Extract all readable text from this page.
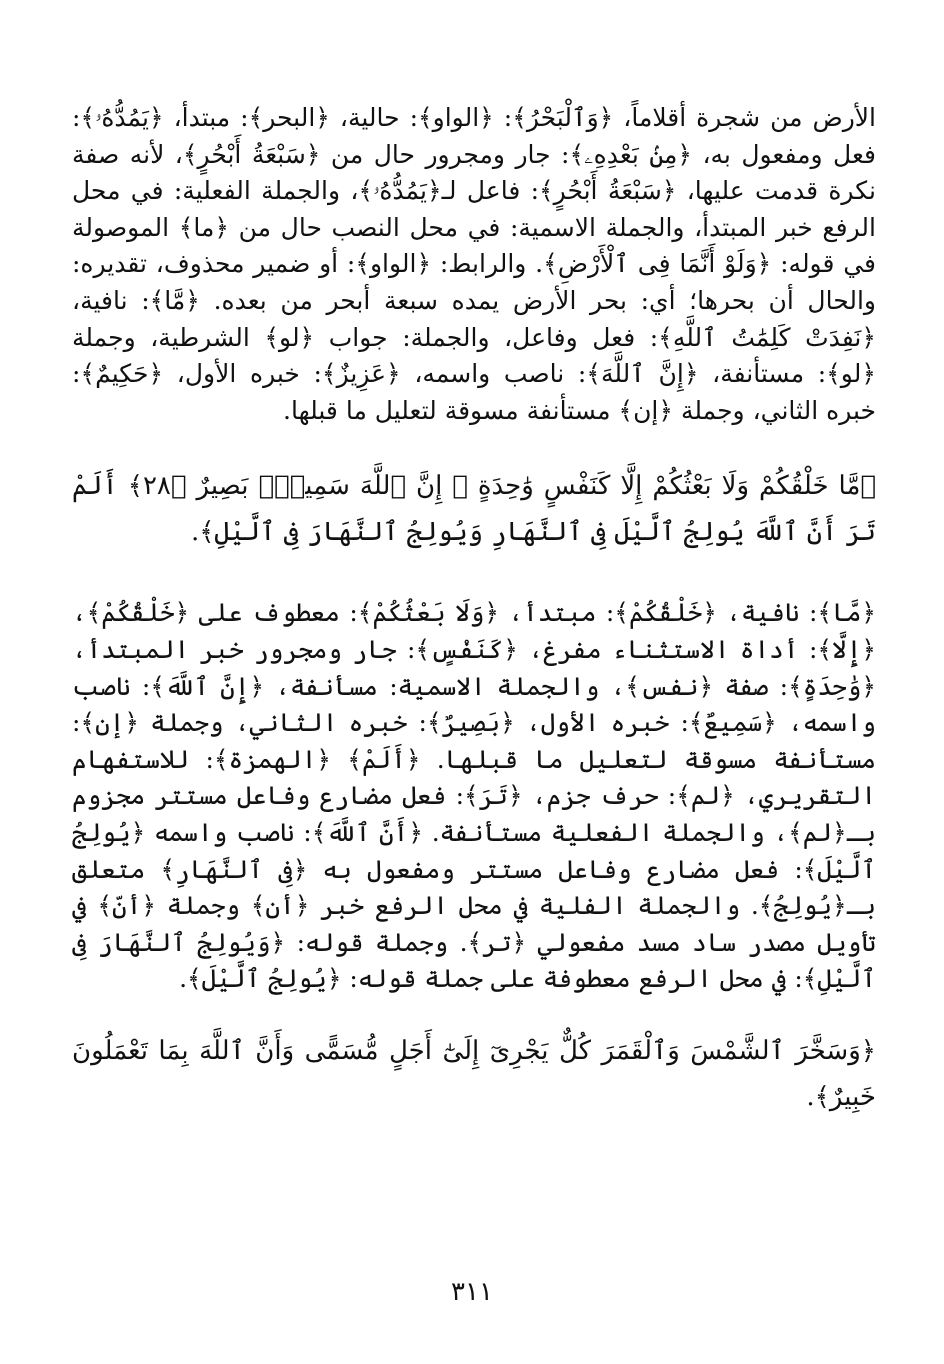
الأرض من شجرة أقلاماً، ﴿وَٱلْبَحْرُ﴾: ﴿الواو﴾: حالية، ﴿البحر﴾: مبتدأ، ﴿يَمُدُّهُۥ﴾: فعل ومفعول به، ﴿مِنۢ بَعْدِهِۦ﴾: جار ومجرور حال من ﴿سَبْعَةُ أَبْحُرٍ﴾، لأنه صفة نكرة قدمت عليها، ﴿سَبْعَةُ أَبْحُرٍ﴾: فاعل لـ﴿يَمُدُّهُۥ﴾، والجملة الفعلية: في محل الرفع خبر المبتدأ، والجملة الاسمية: في محل النصب حال من ﴿ما﴾ الموصولة في قوله: ﴿وَلَوْ أَنَّمَا فِى ٱلْأَرْضِ﴾. والرابط: ﴿الواو﴾: أو ضمير محذوف، تقديره: والحال أن بحرها؛ أي: بحر الأرض يمده سبعة أبحر من بعده. ﴿مَّا﴾: نافية، ﴿نَفِدَتْ كَلِمَٰتُ ٱللَّهِ﴾: فعل وفاعل، والجملة: جواب ﴿لو﴾ الشرطية، وجملة ﴿لو﴾: مستأنفة، ﴿إِنَّ ٱللَّهَ﴾: ناصب واسمه، ﴿عَزِيزٌ﴾: خبره الأول، ﴿حَكِيمٌ﴾: خبره الثاني، وجملة ﴿إن﴾ مستأنفة مسوقة لتعليل ما قبلها.

﴿مَّا خَلْقُكُمْ وَلَا بَعْثُكُمْ إِلَّا كَنَفْسٍ وَٰحِدَةٍ ۗ إِنَّ ٱللَّهَ سَمِيعٌۢ بَصِيرٌ ﴿٢٨﴾ أَلَمْ تَرَ أَنَّ ٱللَّهَ يُولِجُ ٱلَّيْلَ فِى ٱلنَّهَارِ وَيُولِجُ ٱلنَّهَارَ فِى ٱلَّيْلِ﴾.

﴿مَّا﴾: نافية، ﴿خَلْقُكُمْ﴾: مبتدأ، ﴿وَلَا بَعْثُكُمْ﴾: معطوف على ﴿خَلْقُكُمْ﴾، ﴿إِلَّا﴾: أداة الاستثناء مفرغ، ﴿كَنَفْسٍ﴾: جار ومجرور خبر المبتدأ، ﴿وَٰحِدَةٍ﴾: صفة ﴿نفس﴾، والجملة الاسمية: مسأنفة، ﴿إِنَّ ٱللَّهَ﴾: ناصب واسمه، ﴿سَمِيعٌ﴾: خبره الأول، ﴿بَصِيرٌ﴾: خبره الثاني، وجملة ﴿إن﴾: مستأنفة مسوقة لتعليل ما قبلها. ﴿أَلَمْ﴾ ﴿الهمزة﴾: للاستفهام التقريري، ﴿لم﴾: حرف جزم، ﴿تَرَ﴾: فعل مضارع وفاعل مستتر مجزوم بـ﴿لم﴾، والجملة الفعلية مستأنفة. ﴿أَنَّ ٱللَّهَ﴾: ناصب واسمه ﴿يُولِجُ ٱلَّيْلَ﴾: فعل مضارع وفاعل مستتر ومفعول به ﴿فِى ٱلنَّهَارِ﴾ متعلق بـ﴿يُولِجُ﴾. والجملة الفلية في محل الرفع خبر ﴿أن﴾ وجملة ﴿أنّ﴾ في تأويل مصدر ساد مسد مفعولي ﴿تر﴾. وجملة قوله: ﴿وَيُولِجُ ٱلنَّهَارَ فِى ٱلَّيْلِ﴾: في محل الرفع معطوفة على جملة قوله: ﴿يُولِجُ ٱلَّيْلَ﴾.

﴿وَسَخَّرَ ٱلشَّمْسَ وَٱلْقَمَرَ كُلٌّ يَجْرِىٓ إِلَىٰٓ أَجَلٍ مُّسَمًّى وَأَنَّ ٱللَّهَ بِمَا تَعْمَلُونَ خَبِيرٌ﴾.

٣١١
